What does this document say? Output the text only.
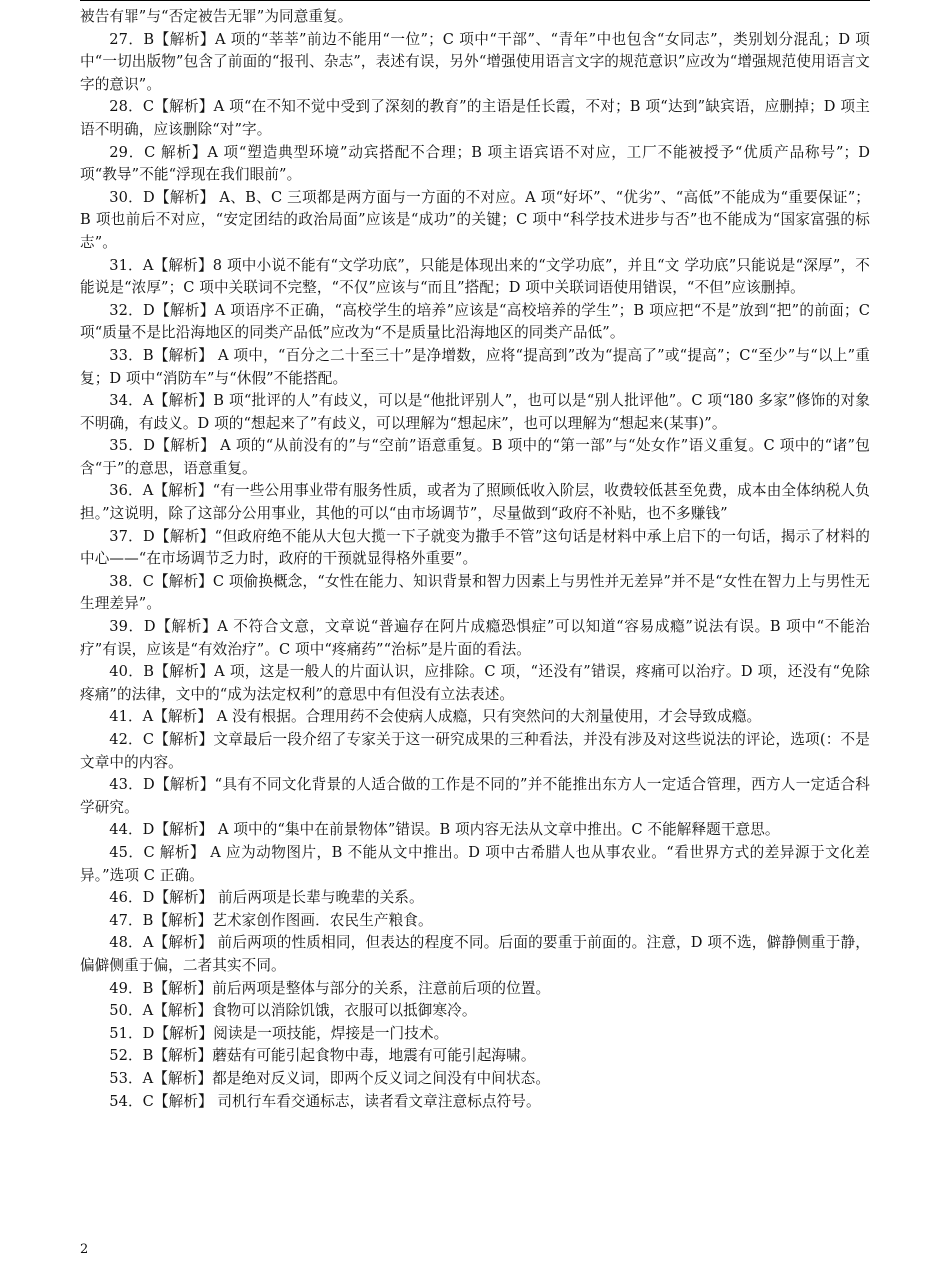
被告有罪”与“否定被告无罪”为同意重复。

27．B【解析】A 项的“莘莘”前边不能用“一位”；C 项中“干部”、“青年”中也包含“女同志”，类别划分混乱；D 项中“一切出版物”包含了前面的“报刊、杂志”，表述有误，另外“增强使用语言文字的规范意识”应改为“增强规范使用语言文字的意识”。

28．C【解析】A 项“在不知不觉中受到了深刻的教育”的主语是任长霞，不对；B 项“达到”缺宾语，应删掉；D 项主语不明确，应该删除“对”字。

29．C 解析】A 项“塑造典型环境”动宾搭配不合理；B 项主语宾语不对应，工厂不能被授予“优质产品称号”；D 项“教导”不能“浮现在我们眼前”。

30．D【解析】 A、B、C 三项都是两方面与一方面的不对应。A 项“好坏”、“优劣”、“高低”不能成为“重要保证”；B 项也前后不对应，“安定团结的政治局面”应该是“成功”的关键；C 项中“科学技术进步与否”也不能成为“国家富强的标志”。

31．A【解析】8 项中小说不能有“文学功底”，只能是体现出来的“文学功底”，并且“文 学功底”只能说是“深厚”，不能说是“浓厚”；C 项中关联词不完整，“不仅”应该与“而且”搭配；D 项中关联词语使用错误，“不但”应该删掉。

32．D【解析】A 项语序不正确，“高校学生的培养”应该是“高校培养的学生”；B 项应把“不是”放到“把”的前面；C 项“质量不是比沿海地区的同类产品低”应改为“不是质量比沿海地区的同类产品低”。

33．B【解析】 A 项中，“百分之二十至三十”是净增数，应将“提高到”改为“提高了”或“提高”；C“至少”与“以上”重复；D 项中“消防车”与“休假”不能搭配。

34．A【解析】B 项“批评的人”有歧义，可以是“他批评别人”，也可以是“别人批评他”。C 项“l80 多家”修饰的对象不明确，有歧义。D 项的“想起来了”有歧义，可以理解为“想起床”，也可以理解为“想起来(某事)”。

35．D【解析】 A 项的“从前没有的”与“空前”语意重复。B 项中的“第一部”与“处女作”语义重复。C 项中的“诸”包含“于”的意思，语意重复。

36．A【解析】“有一些公用事业带有服务性质，或者为了照顾低收入阶层，收费较低甚至免费，成本由全体纳税人负担。”这说明，除了这部分公用事业，其他的可以“由市场调节”，尽量做到“政府不补贴，也不多赚钱”

37．D【解析】“但政府绝不能从大包大揽一下子就变为撒手不管”这句话是材料中承上启下的一句话，揭示了材料的中心——“在市场调节乏力时，政府的干预就显得格外重要”。

38．C【解析】C 项偷换概念，“女性在能力、知识背景和智力因素上与男性并无差异”并不是“女性在智力上与男性无生理差异”。

39．D【解析】A 不符合文意，文章说“普遍存在阿片成瘾恐惧症”可以知道“容易成瘾”说法有误。B 项中“不能治疗”有误，应该是“有效治疗”。C 项中“疼痛药”“治标”是片面的看法。

40．B【解析】A 项，这是一般人的片面认识，应排除。C 项，“还没有”错误，疼痛可以治疗。D 项，还没有“免除疼痛”的法律，文中的“成为法定权利”的意思中有但没有立法表述。

41．A【解析】 A 没有根据。合理用药不会使病人成瘾，只有突然问的大剂量使用，才会导致成瘾。

42．C【解析】文章最后一段介绍了专家关于这一研究成果的三种看法，并没有涉及对这些说法的评论，选项(：不是文章中的内容。

43．D【解析】“具有不同文化背景的人适合做的工作是不同的”并不能推出东方人一定适合管理，西方人一定适合科学研究。

44．D【解析】 A 项中的“集中在前景物体”错误。B 项内容无法从文章中推出。C 不能解释题干意思。

45．C 解析】 A 应为动物图片，B 不能从文中推出。D 项中古希腊人也从事农业。“看世界方式的差异源于文化差异。”选项 C 正确。

46．D【解析】 前后两项是长辈与晚辈的关系。

47．B【解析】艺术家创作图画．农民生产粮食。

48．A【解析】 前后两项的性质相同，但表达的程度不同。后面的要重于前面的。注意，D 项不选，僻静侧重于静，偏僻侧重于偏，二者其实不同。

49．B【解析】前后两项是整体与部分的关系，注意前后项的位置。

50．A【解析】食物可以消除饥饿，衣服可以抵御寒冷。

51．D【解析】阅读是一项技能，焊接是一门技术。

52．B【解析】蘑菇有可能引起食物中毒，地震有可能引起海啸。

53．A【解析】都是绝对反义词，即两个反义词之间没有中间状态。

54．C【解析】 司机行车看交通标志，读者看文章注意标点符号。

2
